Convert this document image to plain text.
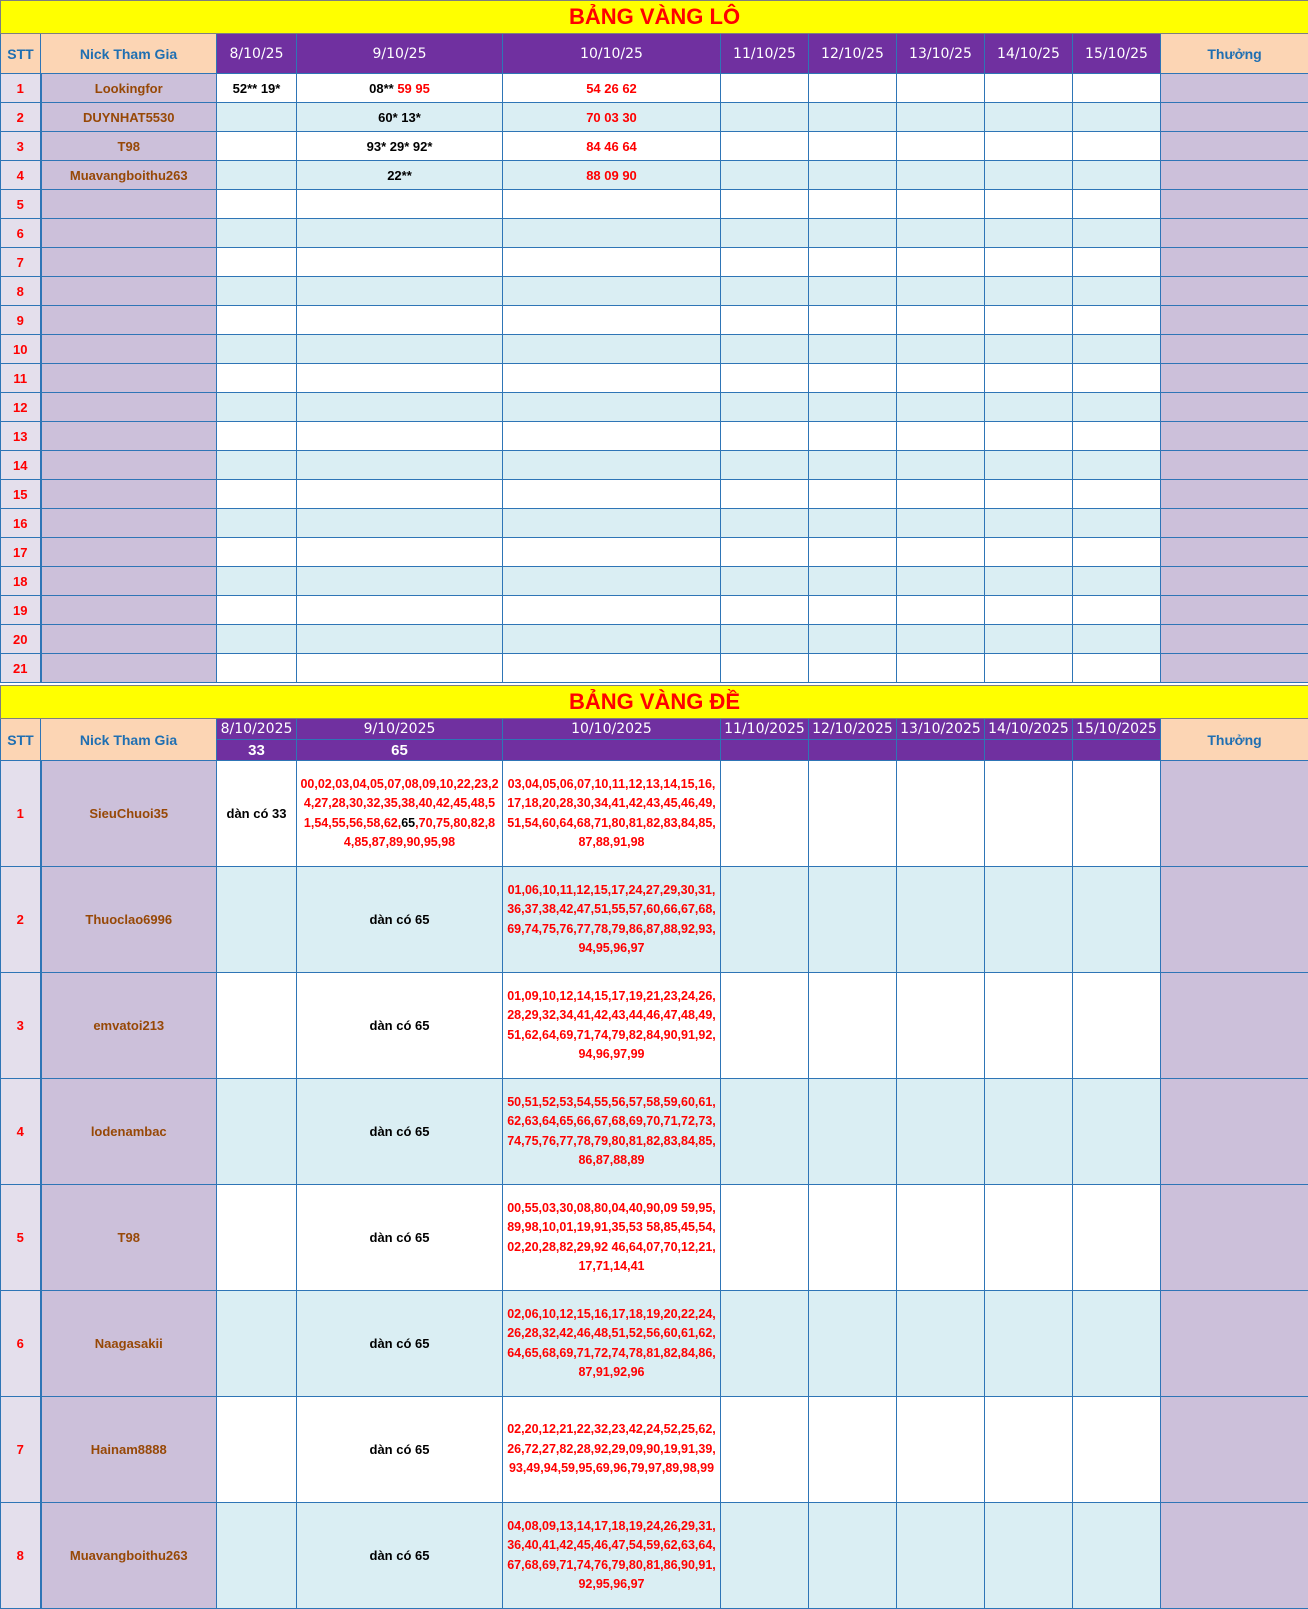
BẢNG VÀNG LÔ										
STT	Nick Tham Gia	8/10/25	9/10/25	10/10/25	11/10/25	12/10/25	13/10/25	14/10/25	15/10/25	Thưởng
1	Lookingfor	52** 19*	08** 59 95	54 26 62						
2	DUYNHAT5530		60* 13*	70 03 30						
3	T98		93* 29* 92*	84 46 64						
4	Muavangboithu263		22**	88 09 90						
5										
6										
7										
8										
9										
10										
11										
12										
13										
14										
15										
16										
17										
18										
19										
20										
21										
BẢNG VÀNG ĐỀ										
STT	Nick Tham Gia	8/10/2025	9/10/2025	10/10/2025	11/10/2025	12/10/2025	13/10/2025	14/10/2025	15/10/2025	Thưởng
		33	65							
1	SieuChuoi35	dàn có 33	00,02,03,04,05,07,08,09,10,22,23,24,27,28,30,32,35,38,40,42,45,48,51,54,55,56,58,62,65,70,75,80,82,84,85,87,89,90,95,98	03,04,05,06,07,10,11,12,13,14,15,16,17,18,20,28,30,34,41,42,43,45,46,49,51,54,60,64,68,71,80,81,82,83,84,85,87,88,91,98						
2	Thuoclao6996		dàn có 65	01,06,10,11,12,15,17,24,27,29,30,31,36,37,38,42,47,51,55,57,60,66,67,68,69,74,75,76,77,78,79,86,87,88,92,93,94,95,96,97						
3	emvatoi213		dàn có 65	01,09,10,12,14,15,17,19,21,23,24,26,28,29,32,34,41,42,43,44,46,47,48,49,51,62,64,69,71,74,79,82,84,90,91,92,94,96,97,99						
4	lodenambac		dàn có 65	50,51,52,53,54,55,56,57,58,59,60,61,62,63,64,65,66,67,68,69,70,71,72,73,74,75,76,77,78,79,80,81,82,83,84,85,86,87,88,89						
5	T98		dàn có 65	00,55,03,30,08,80,04,40,90,09 59,95,89,98,10,01,19,91,35,53 58,85,45,54,02,20,28,82,29,92 46,64,07,70,12,21,17,71,14,41						
6	Naagasakii		dàn có 65	02,06,10,12,15,16,17,18,19,20,22,24,26,28,32,42,46,48,51,52,56,60,61,62,64,65,68,69,71,72,74,78,81,82,84,86,87,91,92,96						
7	Hainam8888		dàn có 65	02,20,12,21,22,32,23,42,24,52,25,62,26,72,27,82,28,92,29,09,90,19,91,39,93,49,94,59,95,69,96,79,97,89,98,99						
8	Muavangboithu263		dàn có 65	04,08,09,13,14,17,18,19,24,26,29,31,36,40,41,42,45,46,47,54,59,62,63,64,67,68,69,71,74,76,79,80,81,86,90,91,92,95,96,97						
